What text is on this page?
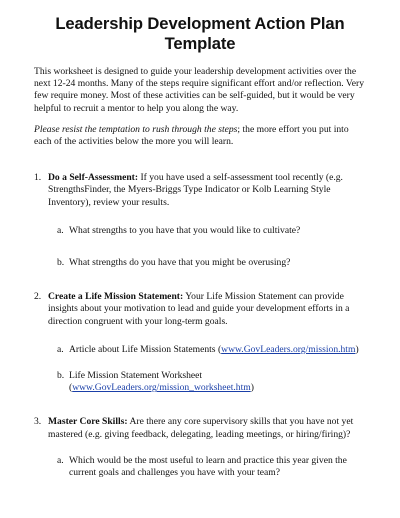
Leadership Development Action Plan Template

This worksheet is designed to guide your leadership development activities over the next 12-24 months. Many of the steps require significant effort and/or reflection. Very few require money. Most of these activities can be self-guided, but it would be very helpful to recruit a mentor to help you along the way.

Please resist the temptation to rush through the steps; the more effort you put into each of the activities below the more you will learn.

1. Do a Self-Assessment: If you have used a self-assessment tool recently (e.g. StrengthsFinder, the Myers-Briggs Type Indicator or Kolb Learning Style Inventory), review your results.
a. What strengths to you have that you would like to cultivate?
b. What strengths do you have that you might be overusing?
2. Create a Life Mission Statement: Your Life Mission Statement can provide insights about your motivation to lead and guide your development efforts in a direction congruent with your long-term goals.
a. Article about Life Mission Statements (www.GovLeaders.org/mission.htm)
b. Life Mission Statement Worksheet (www.GovLeaders.org/mission_worksheet.htm)
3. Master Core Skills: Are there any core supervisory skills that you have not yet mastered (e.g. giving feedback, delegating, leading meetings, or hiring/firing)?
a. Which would be the most useful to learn and practice this year given the current goals and challenges you have with your team?
